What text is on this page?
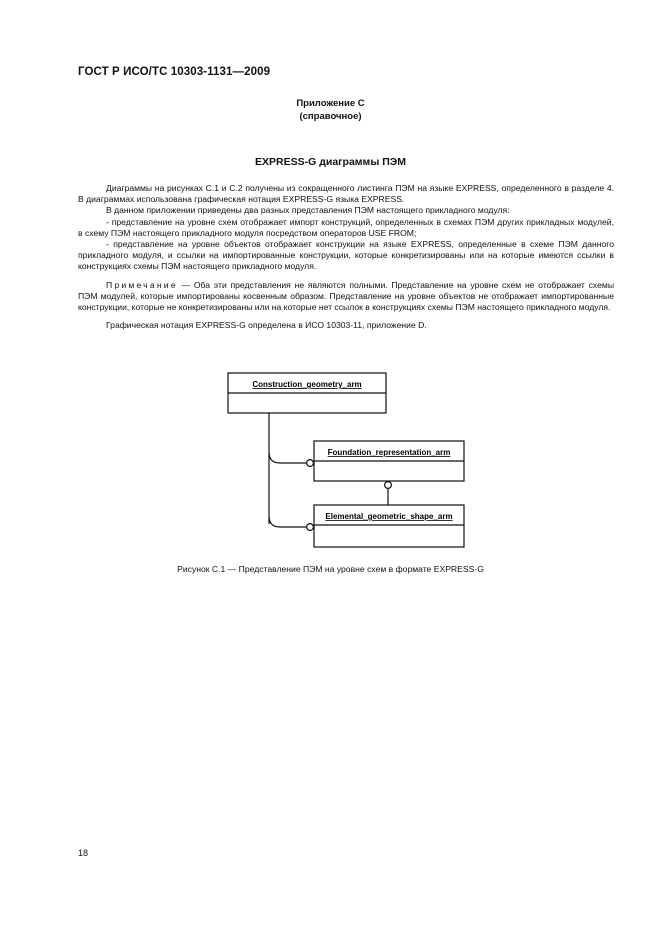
ГОСТ Р ИСО/ТС 10303-1131—2009
Приложение С
(справочное)
EXPRESS-G диаграммы ПЭМ

Диаграммы на рисунках С.1 и С.2 получены из сокращенного листинга ПЭМ на языке EXPRESS, определенного в разделе 4. В диаграммах использована графическая нотация EXPRESS-G языка EXPRESS.

В данном приложении приведены два разных представления ПЭМ настоящего прикладного модуля:

- представление на уровне схем отображает импорт конструкций, определенных в схемах ПЭМ других прикладных модулей, в схему ПЭМ настоящего прикладного модуля посредством операторов USE FROM;

- представление на уровне объектов отображает конструкции на языке EXPRESS, определенные в схеме ПЭМ данного прикладного модуля, и ссылки на импортированные конструкции, которые конкретизированы или на которые имеются ссылки в конструкциях схемы ПЭМ настоящего прикладного модуля.

Примечание — Оба эти представления не являются полными. Представление на уровне схем не отображает схемы ПЭМ модулей, которые импортированы косвенным образом. Представление на уровне объектов не отображает импортированные конструкции, которые не конкретизированы или на которые нет ссылок в конструкциях схемы ПЭМ настоящего прикладного модуля.

Графическая нотация EXPRESS-G определена в ИСО 10303-11, приложение D.

Construction_geometry_arm
Foundation_representation_arm
Elemental_geometric_shape_arm
Рисунок С.1 — Представление ПЭМ на уровне схем в формате EXPRESS-G
18
